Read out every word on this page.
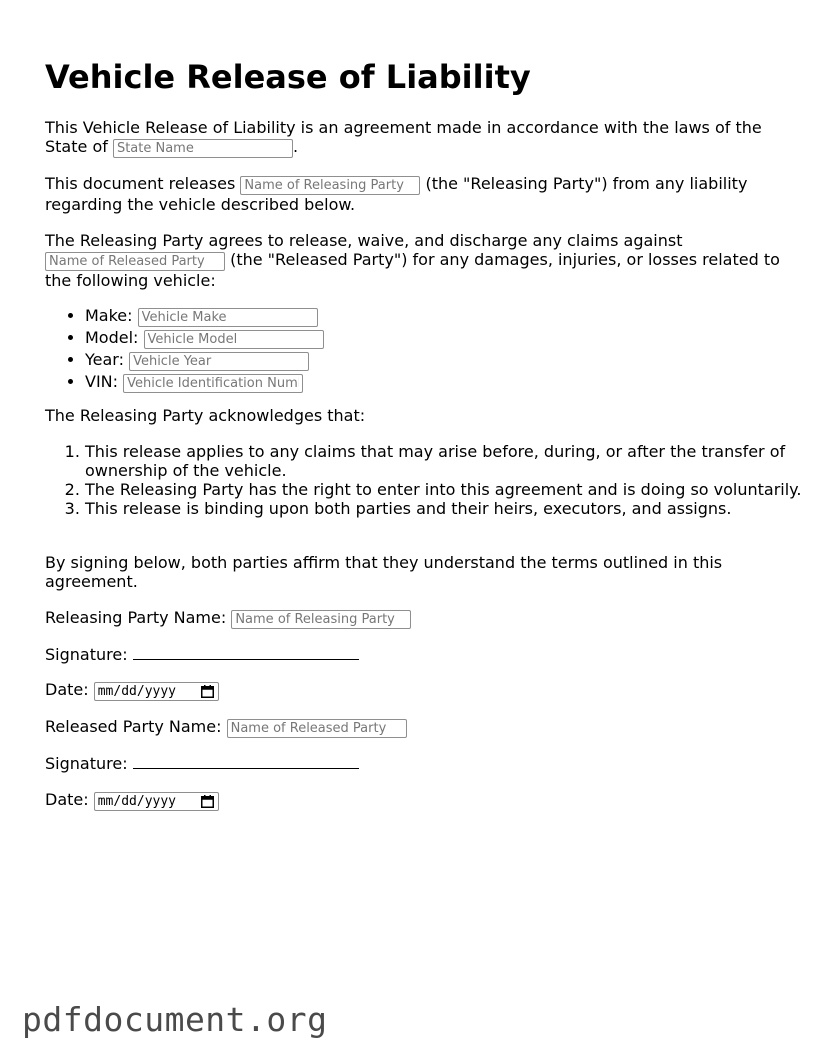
Vehicle Release of Liability

This Vehicle Release of Liability is an agreement made in accordance with the laws of the State of State Name	.

This document releases Name of Releasing Party	(the "Releasing Party") from any liability regarding the vehicle described below.

The Releasing Party agrees to release, waive, and discharge any claims against Name of Released Party (the "Released Party") for any damages, injuries, or losses related to the following vehicle:

• Make: Vehicle Make
• Model: Vehicle Model
• Year: Vehicle Year
• VIN: Vehicle Identification Number

The Releasing Party acknowledges that:

1. This release applies to any claims that may arise before, during, or after the transfer of ownership of the vehicle.
2. The Releasing Party has the right to enter into this agreement and is doing so voluntarily.
3. This release is binding upon both parties and their heirs, executors, and assigns.

By signing below, both parties affirm that they understand the terms outlined in this agreement.

Releasing Party Name: Name of Releasing Party

Signature:

Date: mm/dd/yyyy

Released Party Name: Name of Released Party

Signature:

Date: mm/dd/yyyy

pdfdocument.org
